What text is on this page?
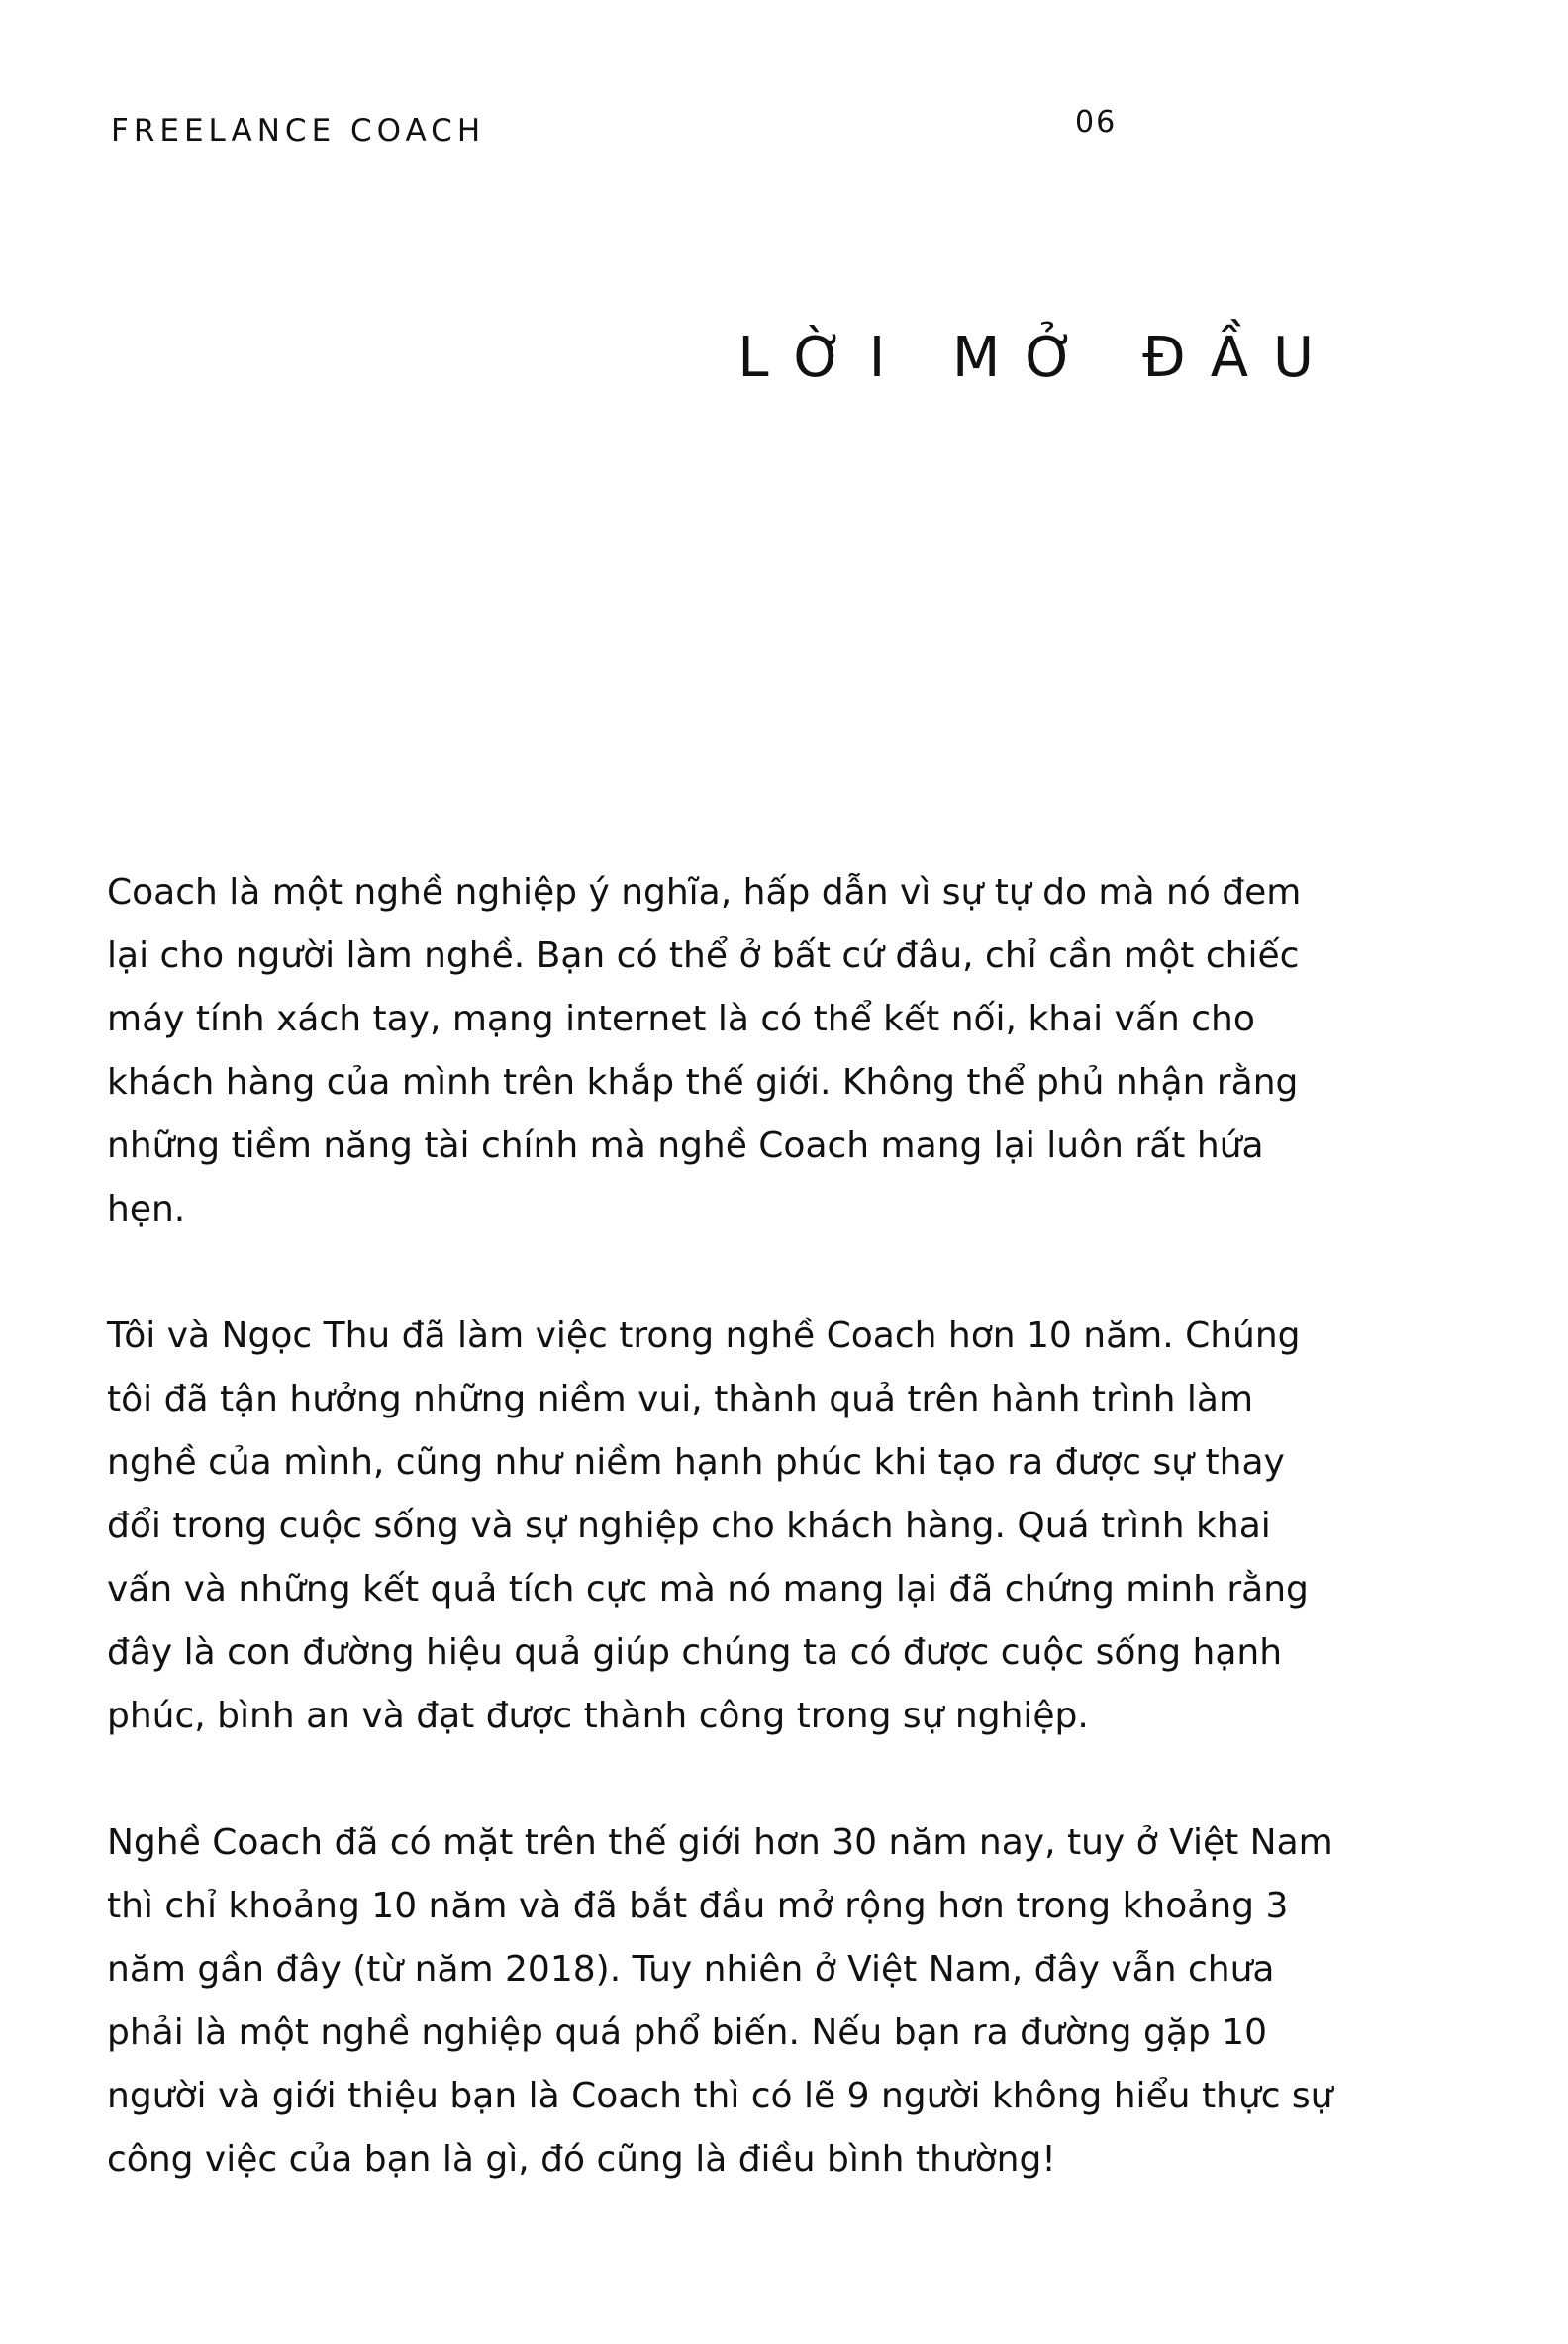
FREELANCE COACH	06
LỜI MỞ ĐẦU

Coach là một nghề nghiệp ý nghĩa, hấp dẫn vì sự tự do mà nó đem lại cho người làm nghề. Bạn có thể ở bất cứ đâu, chỉ cần một chiếc máy tính xách tay, mạng internet là có thể kết nối, khai vấn cho khách hàng của mình trên khắp thế giới. Không thể phủ nhận rằng những tiềm năng tài chính mà nghề Coach mang lại luôn rất hứa hẹn.

Tôi và Ngọc Thu đã làm việc trong nghề Coach hơn 10 năm. Chúng tôi đã tận hưởng những niềm vui, thành quả trên hành trình làm nghề của mình, cũng như niềm hạnh phúc khi tạo ra được sự thay đổi trong cuộc sống và sự nghiệp cho khách hàng. Quá trình khai vấn và những kết quả tích cực mà nó mang lại đã chứng minh rằng đây là con đường hiệu quả giúp chúng ta có được cuộc sống hạnh phúc, bình an và đạt được thành công trong sự nghiệp.

Nghề Coach đã có mặt trên thế giới hơn 30 năm nay, tuy ở Việt Nam thì chỉ khoảng 10 năm và đã bắt đầu mở rộng hơn trong khoảng 3 năm gần đây (từ năm 2018). Tuy nhiên ở Việt Nam, đây vẫn chưa phải là một nghề nghiệp quá phổ biến. Nếu bạn ra đường gặp 10 người và giới thiệu bạn là Coach thì có lẽ 9 người không hiểu thực sự công việc của bạn là gì, đó cũng là điều bình thường!
